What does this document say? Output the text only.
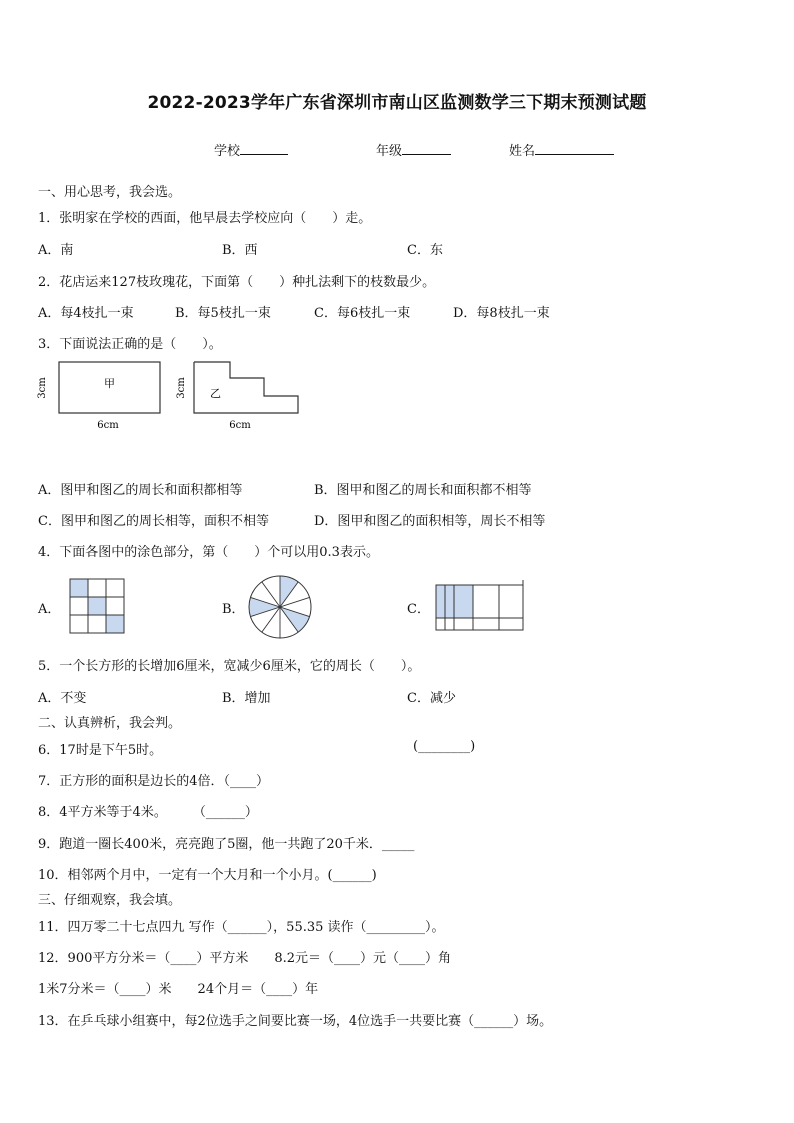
2022-2023学年广东省深圳市南山区监测数学三下期末预测试题
学校	年级	姓名
一、用心思考，我会选。
1．张明家在学校的西面，他早晨去学校应向（　　）走。
A．南	B．西	C．东
2．花店运来127枝玫瑰花，下面第（　　）种扎法剩下的枝数最少。
A．每4枝扎一束	B．每5枝扎一束	C．每6枝扎一束	D．每8枝扎一束
3．下面说法正确的是（　　）。
甲
3cm
6cm
乙
3cm
6cm
A．图甲和图乙的周长和面积都相等	B．图甲和图乙的周长和面积都不相等
C．图甲和图乙的周长相等，面积不相等	D．图甲和图乙的面积相等，周长不相等
4．下面各图中的涂色部分，第（　　）个可以用0.3表示。
A．	B．	C．
5．一个长方形的长增加6厘米，宽减少6厘米，它的周长（　　）。
A．不变	B．增加	C．减少
二、认真辨析，我会判。
6．17时是下午5时。	(________)
7．正方形的面积是边长的4倍．（____）
8．4平方米等于4米。　　　（______）
9．跑道一圈长400米，亮亮跑了5圈，他一共跑了20千米．_____
10．相邻两个月中，一定有一个大月和一个小月。(______)
三、仔细观察，我会填。
11．四万零二十七点四九 写作（______），55.35 读作（_________）。
12．900平方分米＝（____）平方米　　8.2元＝（____）元（____）角
1米7分米＝（____）米　　24个月＝（____）年
13．在乒乓球小组赛中，每2位选手之间要比赛一场，4位选手一共要比赛（______）场。
